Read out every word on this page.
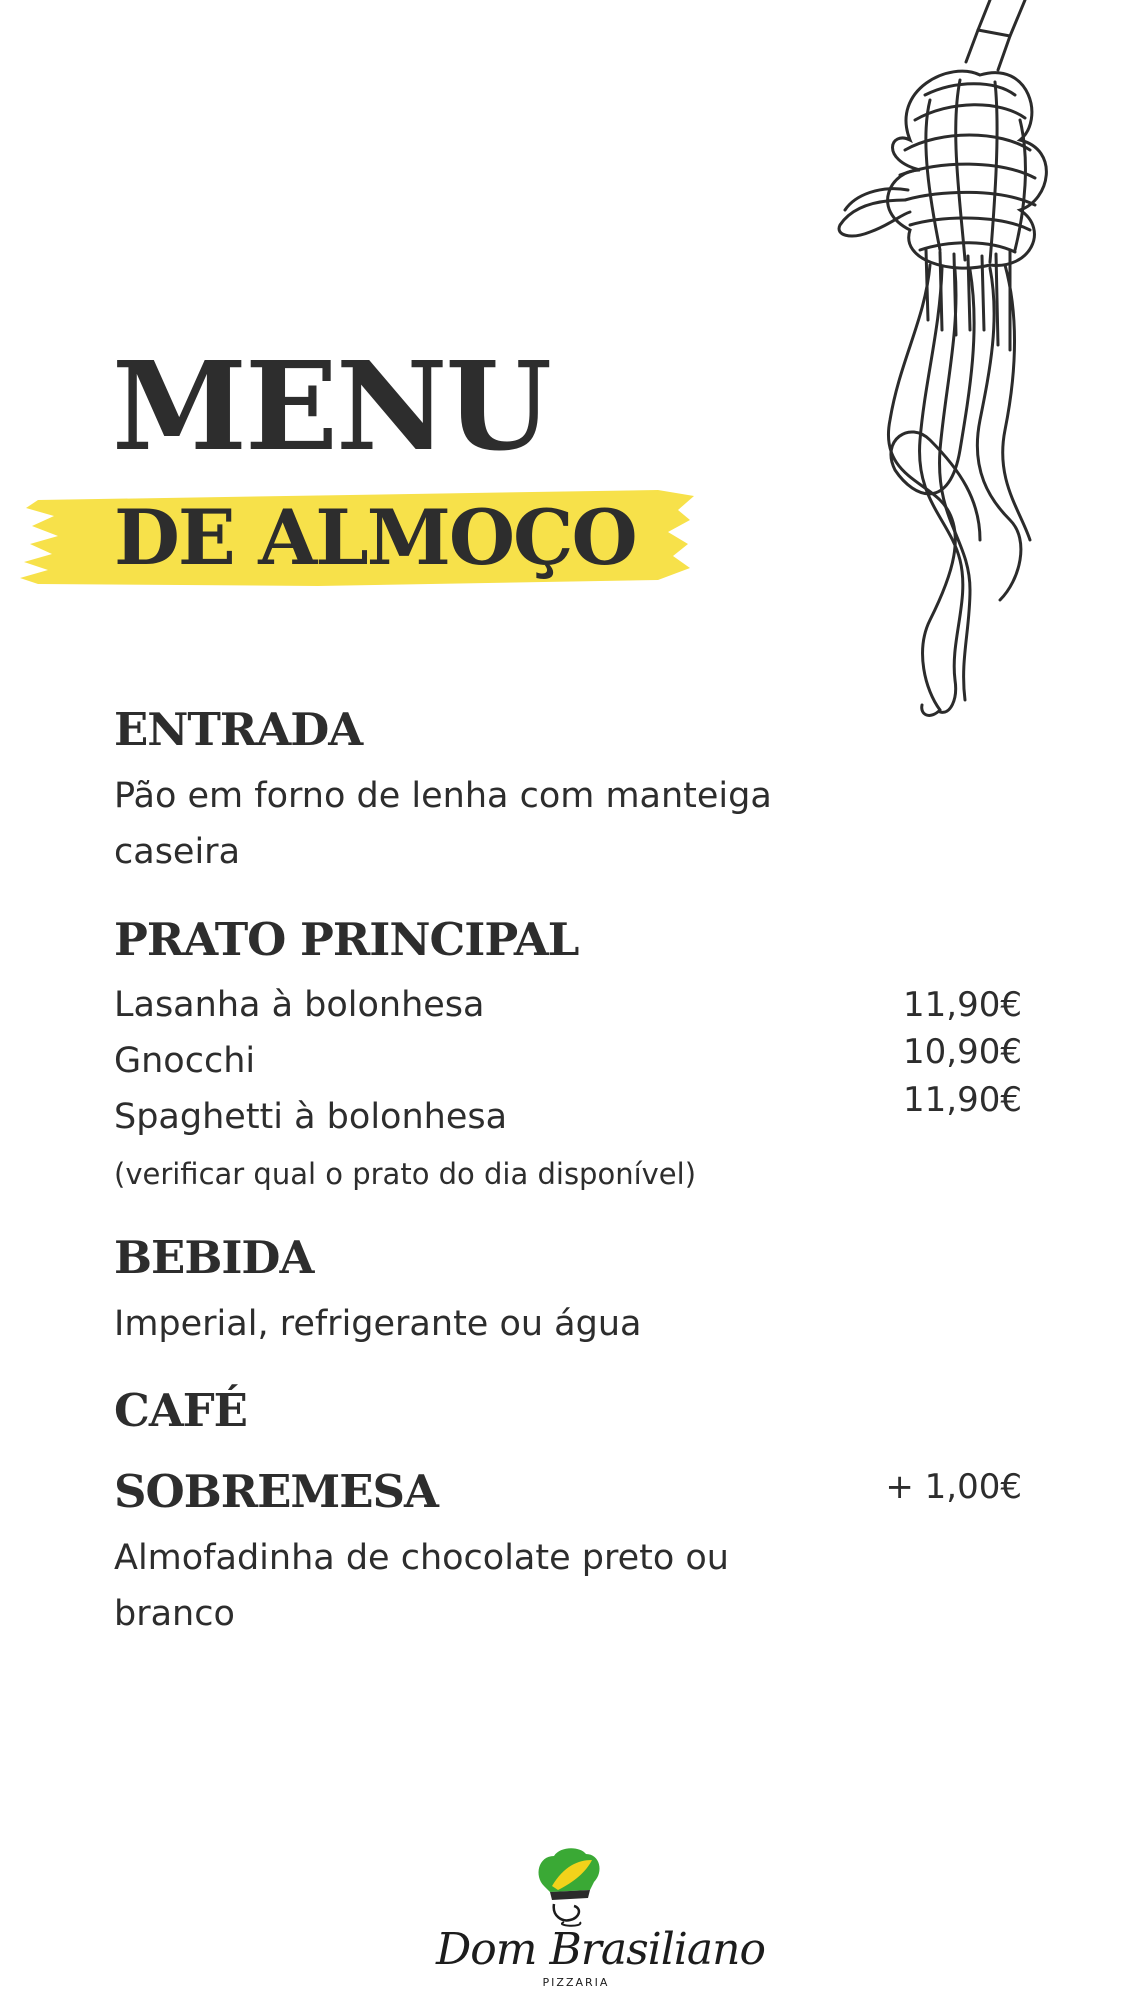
MENU
DE ALMOÇO
ENTRADA
Pão em forno de lenha com manteiga
caseira
PRATO PRINCIPAL
Lasanha à bolonhesa	11,90€
Gnocchi	10,90€
Spaghetti à bolonhesa	11,90€
(verificar qual o prato do dia disponível)
BEBIDA
Imperial, refrigerante ou água
CAFÉ
SOBREMESA	+ 1,00€
Almofadinha de chocolate preto ou
branco
Dom Brasiliano
PIZZARIA
